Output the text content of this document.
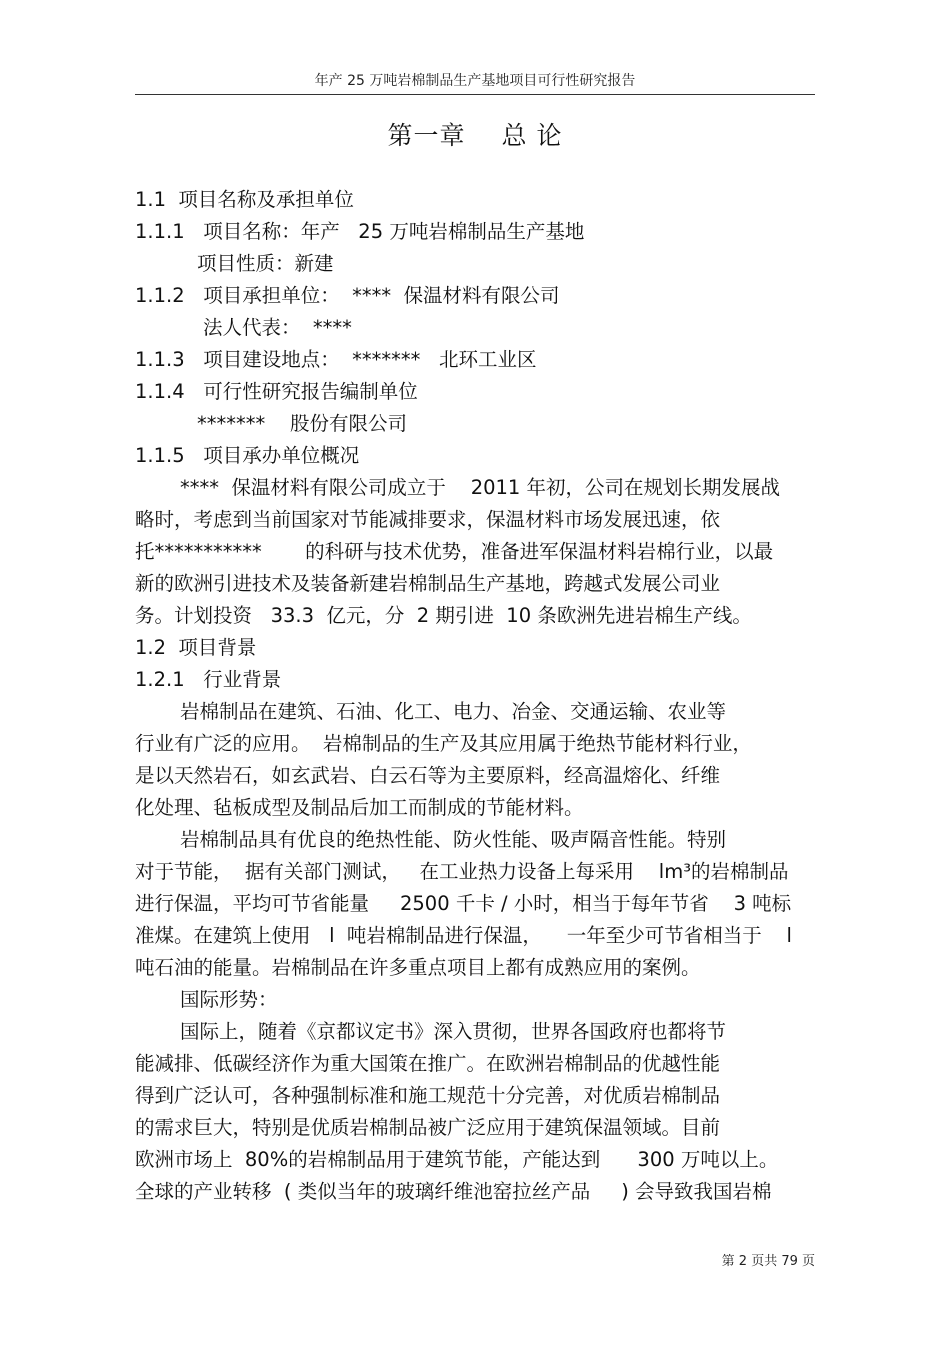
年产 25 万吨岩棉制品生产基地项目可行性研究报告
第一章 总 论
1.1  项目名称及承担单位
1.1.1   项目名称：年产   25 万吨岩棉制品生产基地
项目性质：新建
1.1.2   项目承担单位：  ****  保温材料有限公司
法人代表：  ****
1.1.3   项目建设地点：  *******   北环工业区
1.1.4   可行性研究报告编制单位
*******    股份有限公司
1.1.5   项目承办单位概况
****  保温材料有限公司成立于    2011 年初，公司在规划长期发展战
略时，考虑到当前国家对节能减排要求，保温材料市场发展迅速，依
托***********       的科研与技术优势，准备进军保温材料岩棉行业，以最
新的欧洲引进技术及装备新建岩棉制品生产基地，跨越式发展公司业
务。计划投资   33.3  亿元，分  2 期引进  10 条欧洲先进岩棉生产线。
1.2  项目背景
1.2.1   行业背景
岩棉制品在建筑、石油、化工、电力、冶金、交通运输、农业等
行业有广泛的应用。  岩棉制品的生产及其应用属于绝热节能材料行业，
是以天然岩石，如玄武岩、白云石等为主要原料，经高温熔化、纤维
化处理、毡板成型及制品后加工而制成的节能材料。
岩棉制品具有优良的绝热性能、防火性能、吸声隔音性能。特别
对于节能，  据有关部门测试，   在工业热力设备上每采用    lm³的岩棉制品
进行保温，平均可节省能量     2500 千卡 / 小时，相当于每年节省    3 吨标
准煤。在建筑上使用   l  吨岩棉制品进行保温，    一年至少可节省相当于    l
吨石油的能量。岩棉制品在许多重点项目上都有成熟应用的案例。
国际形势：
国际上，随着《京都议定书》深入贯彻，世界各国政府也都将节
能减排、低碳经济作为重大国策在推广。在欧洲岩棉制品的优越性能
得到广泛认可，各种强制标准和施工规范十分完善，对优质岩棉制品
的需求巨大，特别是优质岩棉制品被广泛应用于建筑保温领域。目前
欧洲市场上  80%的岩棉制品用于建筑节能，产能达到      300 万吨以上。
全球的产业转移  ( 类似当年的玻璃纤维池窑拉丝产品     ) 会导致我国岩棉
第 2 页共 79 页
